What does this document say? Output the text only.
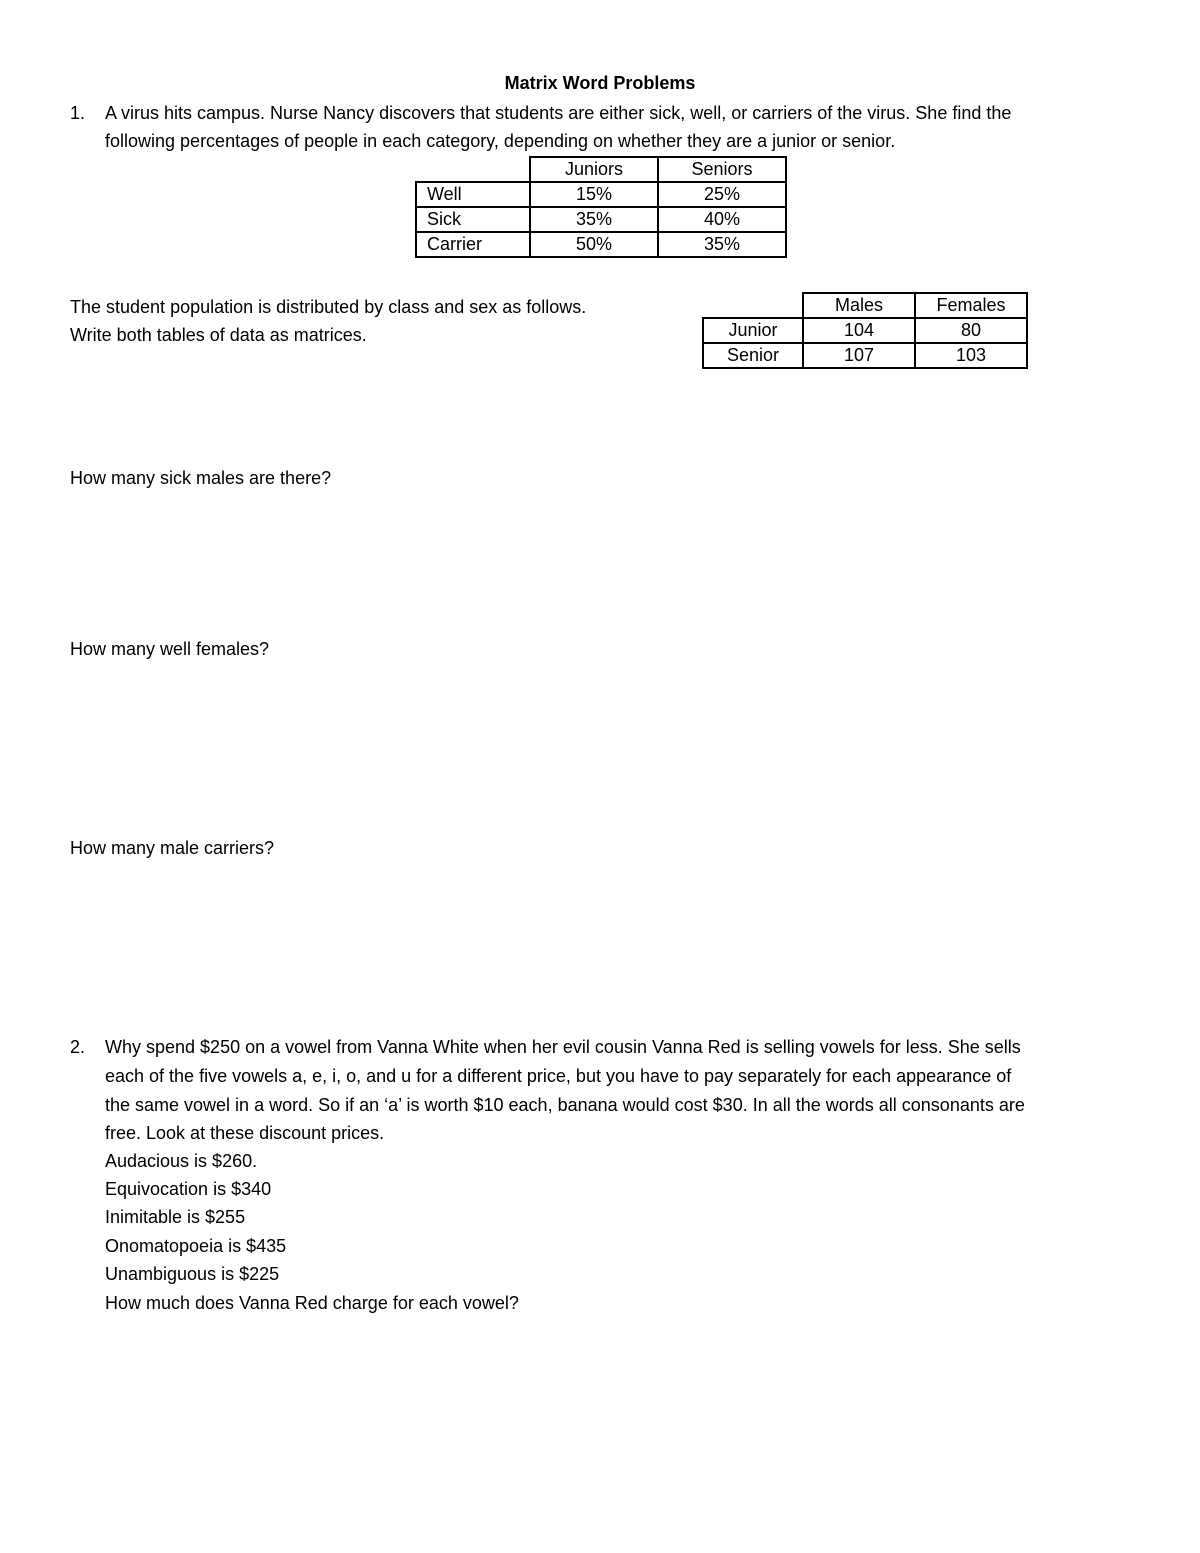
Matrix Word Problems
1. A virus hits campus. Nurse Nancy discovers that students are either sick, well, or carriers of the virus. She find the
following percentages of people in each category, depending on whether they are a junior or senior.
	Juniors	Seniors
Well	15%	25%
Sick	35%	40%
Carrier	50%	35%
The student population is distributed by class and sex as follows.
Write both tables of data as matrices.
	Males	Females
Junior	104	80
Senior	107	103
How many sick males are there?
How many well females?
How many male carriers?
2. Why spend $250 on a vowel from Vanna White when her evil cousin Vanna Red is selling vowels for less. She sells
each of the five vowels a, e, i, o, and u for a different price, but you have to pay separately for each appearance of
the same vowel in a word. So if an ‘a’ is worth $10 each, banana would cost $30. In all the words all consonants are
free. Look at these discount prices.
Audacious is $260.
Equivocation is $340
Inimitable is $255
Onomatopoeia is $435
Unambiguous is $225
How much does Vanna Red charge for each vowel?
